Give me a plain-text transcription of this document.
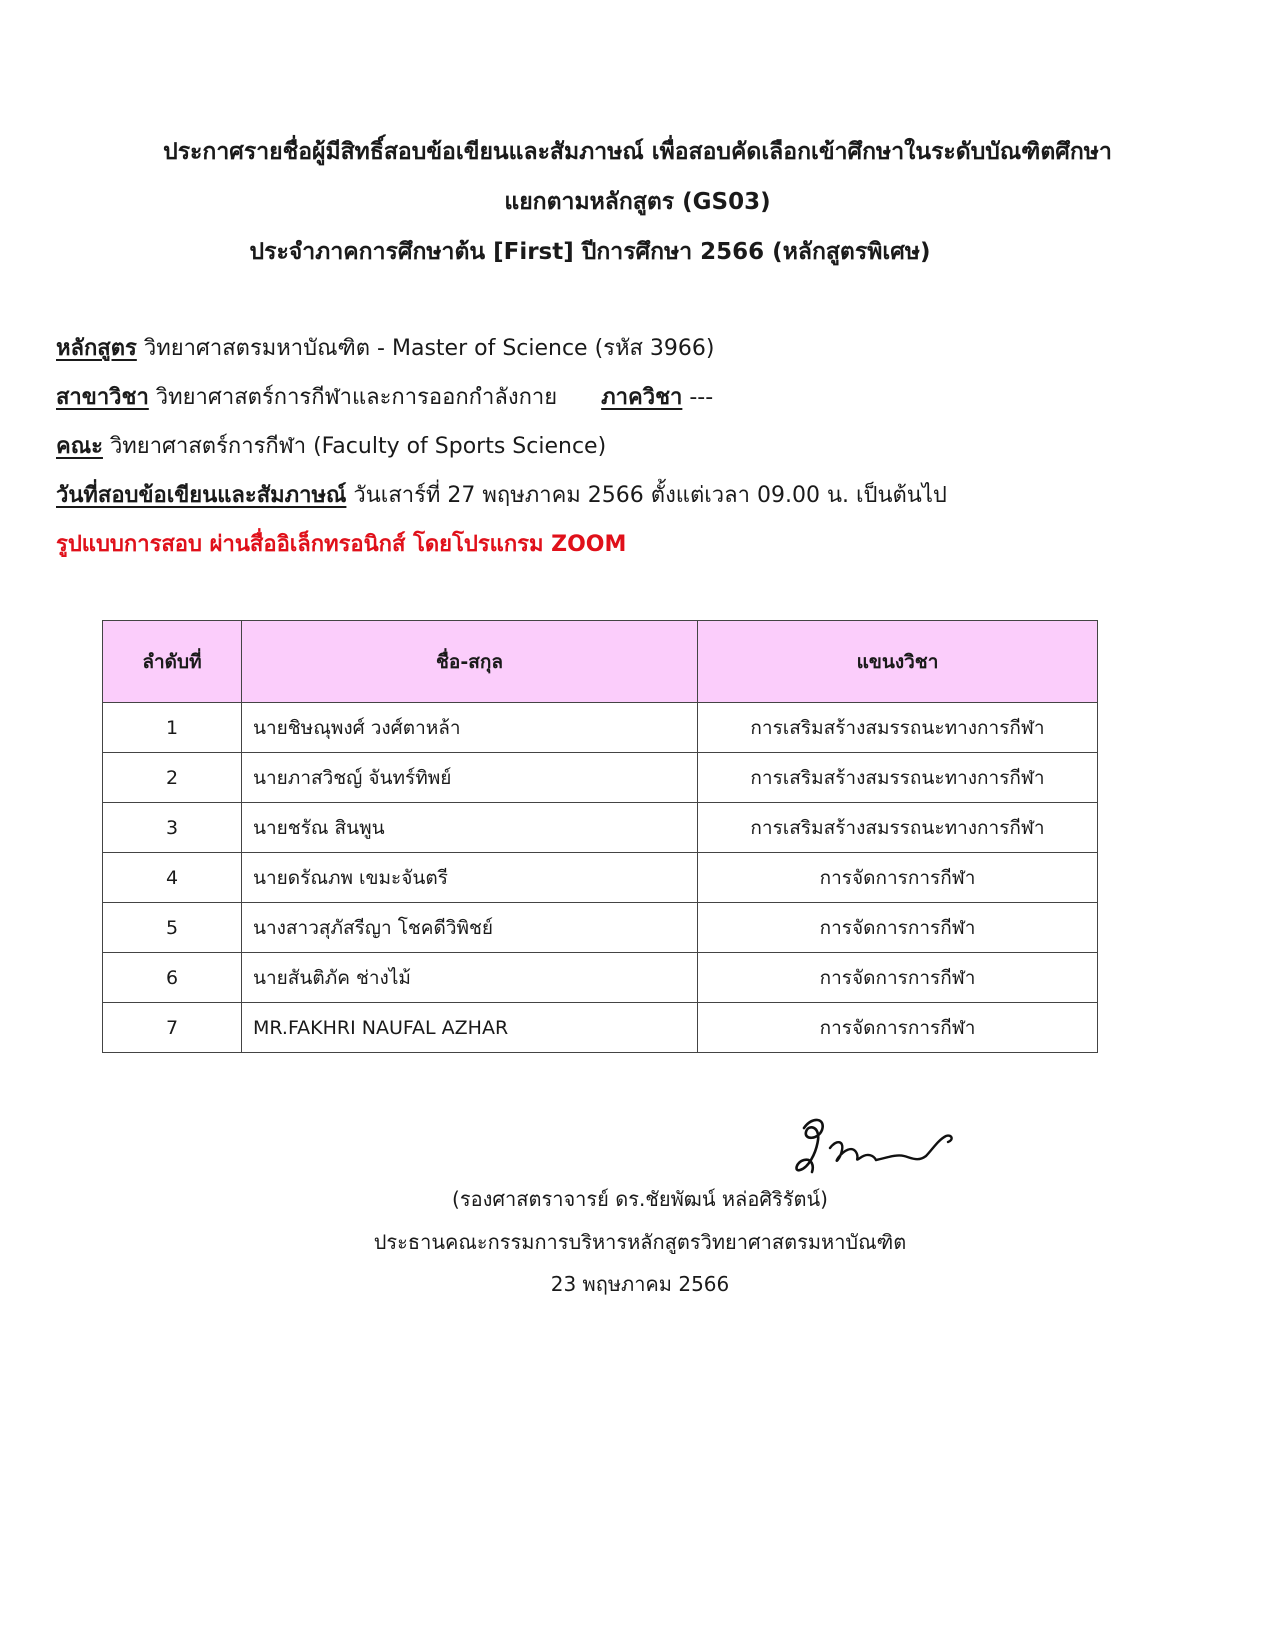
ประกาศรายชื่อผู้มีสิทธิ์สอบข้อเขียนและสัมภาษณ์ เพื่อสอบคัดเลือกเข้าศึกษาในระดับบัณฑิตศึกษา
แยกตามหลักสูตร (GS03)
ประจำภาคการศึกษาต้น [First] ปีการศึกษา 2566 (หลักสูตรพิเศษ)
หลักสูตร วิทยาศาสตรมหาบัณฑิต - Master of Science (รหัส 3966)
สาขาวิชา วิทยาศาสตร์การกีฬาและการออกกำลังกาย ภาควิชา ---
คณะ วิทยาศาสตร์การกีฬา (Faculty of Sports Science)
วันที่สอบข้อเขียนและสัมภาษณ์ วันเสาร์ที่ 27 พฤษภาคม 2566 ตั้งแต่เวลา 09.00 น. เป็นต้นไป
รูปแบบการสอบ ผ่านสื่ออิเล็กทรอนิกส์ โดยโปรแกรม ZOOM
ลำดับที่	ชื่อ-สกุล	แขนงวิชา
1	นายชิษณุพงศ์ วงศ์ตาหล้า	การเสริมสร้างสมรรถนะทางการกีฬา
2	นายภาสวิชญ์ จันทร์ทิพย์	การเสริมสร้างสมรรถนะทางการกีฬา
3	นายชรัณ สินพูน	การเสริมสร้างสมรรถนะทางการกีฬา
4	นายดรัณภพ เขมะจันตรี	การจัดการการกีฬา
5	นางสาวสุภัสรีญา โชคดีวิพิชย์	การจัดการการกีฬา
6	นายสันติภัค ช่างไม้	การจัดการการกีฬา
7	MR.FAKHRI NAUFAL AZHAR	การจัดการการกีฬา
(รองศาสตราจารย์ ดร.ชัยพัฒน์ หล่อศิริรัตน์)
ประธานคณะกรรมการบริหารหลักสูตรวิทยาศาสตรมหาบัณฑิต
23 พฤษภาคม 2566
